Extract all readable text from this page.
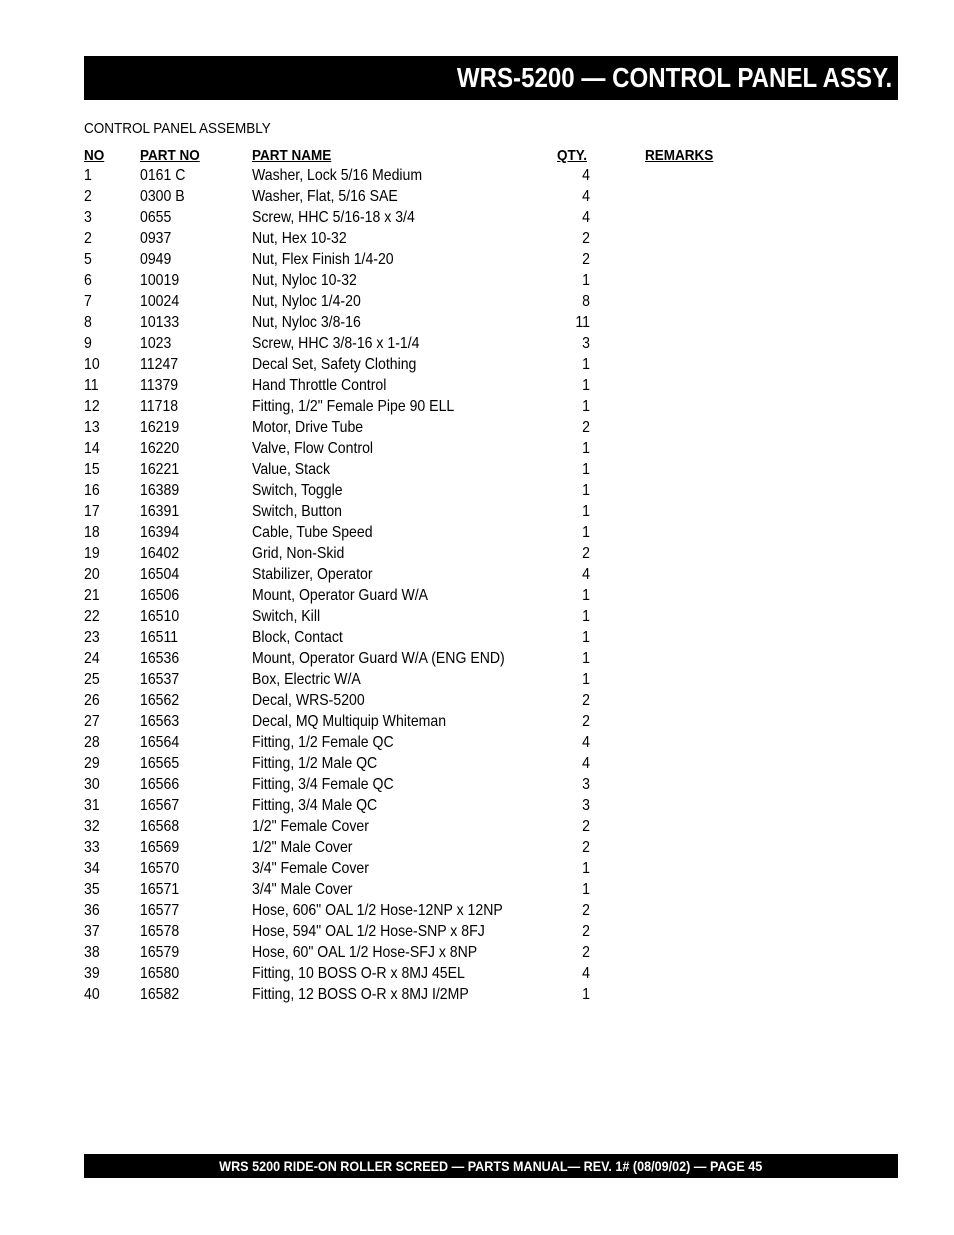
WRS-5200 — CONTROL PANEL ASSY.
CONTROL PANEL ASSEMBLY
NO PART NO	PART NAME	QTY.	REMARKS
1	0161 C	Washer, Lock 5/16 Medium	4
2	0300 B	Washer, Flat, 5/16 SAE	4
3	0655	Screw, HHC 5/16-18 x 3/4	4
2	0937	Nut, Hex 10-32	2
5	0949	Nut, Flex Finish 1/4-20	2
6	10019	Nut, Nyloc 10-32	1
7	10024	Nut, Nyloc 1/4-20	8
8	10133	Nut, Nyloc 3/8-16	11
9	1023	Screw, HHC 3/8-16 x 1-1/4	3
10	11247	Decal Set, Safety Clothing	1
11	11379	Hand Throttle Control	1
12	11718	Fitting, 1/2" Female Pipe 90 ELL	1
13	16219	Motor, Drive Tube	2
14	16220	Valve, Flow Control	1
15	16221	Value, Stack	1
16	16389	Switch, Toggle	1
17	16391	Switch, Button	1
18	16394	Cable, Tube Speed	1
19	16402	Grid, Non-Skid	2
20	16504	Stabilizer, Operator	4
21	16506	Mount, Operator Guard W/A	1
22	16510	Switch, Kill	1
23	16511	Block, Contact	1
24	16536	Mount, Operator Guard W/A (ENG END)	1
25	16537	Box, Electric W/A	1
26	16562	Decal, WRS-5200	2
27	16563	Decal, MQ Multiquip Whiteman	2
28	16564	Fitting, 1/2 Female QC	4
29	16565	Fitting, 1/2 Male QC	4
30	16566	Fitting, 3/4 Female QC	3
31	16567	Fitting, 3/4 Male QC	3
32	16568	1/2" Female Cover	2
33	16569	1/2" Male Cover	2
34	16570	3/4" Female Cover	1
35	16571	3/4" Male Cover	1
36	16577	Hose, 606" OAL 1/2 Hose-12NP x 12NP	2
37	16578	Hose, 594" OAL 1/2 Hose-SNP x 8FJ	2
38	16579	Hose, 60" OAL 1/2 Hose-SFJ x 8NP	2
39	16580	Fitting, 10 BOSS O-R x 8MJ 45EL	4
40	16582	Fitting, 12 BOSS O-R x 8MJ I/2MP	1
WRS 5200 RIDE-ON ROLLER SCREED — PARTS MANUAL— REV. 1# (08/09/02) — PAGE 45
